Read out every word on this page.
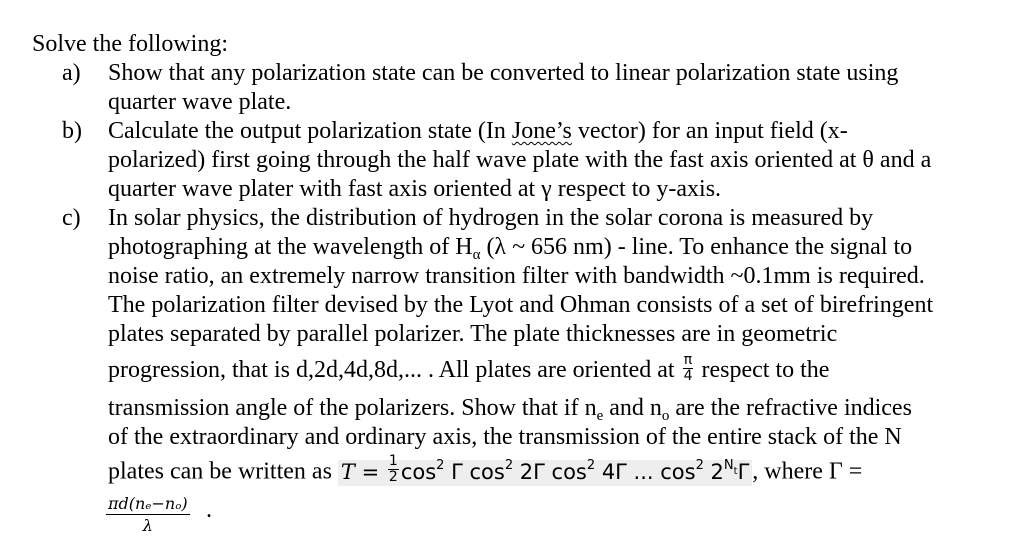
Solve the following:
a) Show that any polarization state can be converted to linear polarization state using
quarter wave plate.
b) Calculate the output polarization state (In Jone’s vector) for an input field (x-
polarized) first going through the half wave plate with the fast axis oriented at θ and a
quarter wave plater with fast axis oriented at γ respect to y-axis.
c) In solar physics, the distribution of hydrogen in the solar corona is measured by
photographing at the wavelength of $H_\alpha$ (λ ~ 656 nm) - line. To enhance the signal to
noise ratio, an extremely narrow transition filter with bandwidth ~0.1mm is required.
The polarization filter devised by the Lyot and Ohman consists of a set of birefringent
plates separated by parallel polarizer. The plate thicknesses are in geometric
progression, that is d,2d,4d,8d,... . All plates are oriented at $\frac{\pi}{4}$ respect to the
transmission angle of the polarizers. Show that if $n_e$ and $n_o$ are the refractive indices
of the extraordinary and ordinary axis, the transmission of the entire stack of the N
plates can be written as $T = \frac{1}{2} \cos^2 \Gamma$ $\cos^2 2\Gamma$ $\cos^2 4\Gamma$ ... $\cos^2 2^{Nt}\Gamma$ , where Γ =
$\frac{\text{πd(nₑ−nₒ)}}{\lambda}$ .
